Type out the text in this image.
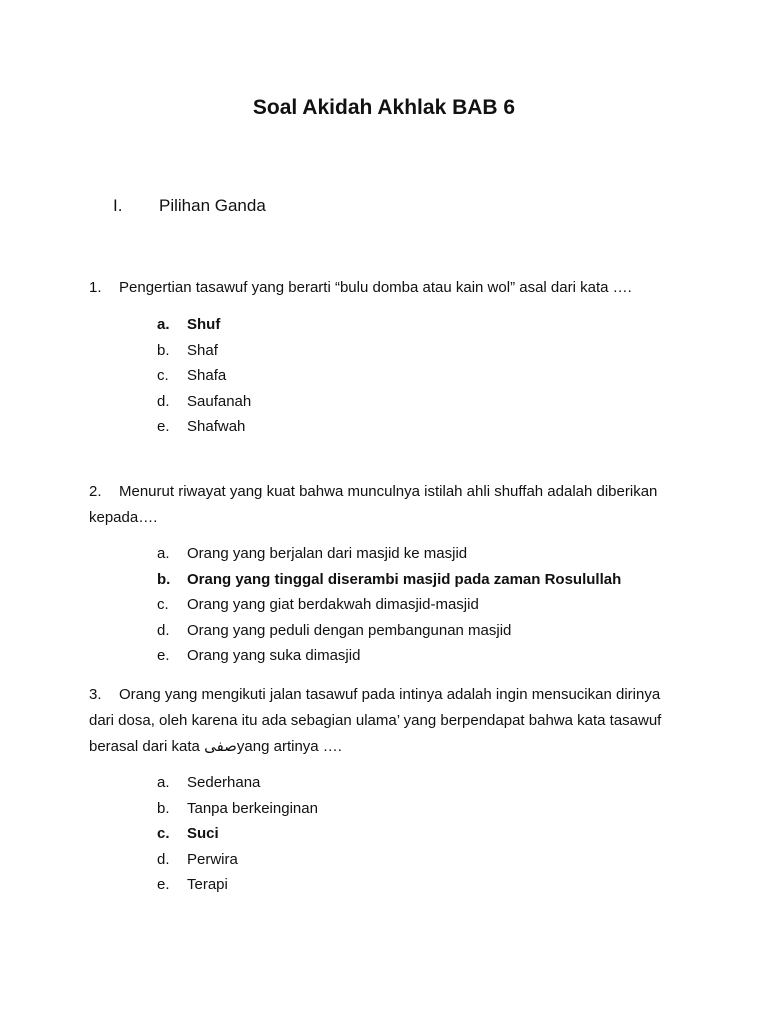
Soal Akidah Akhlak BAB 6
I. Pilihan Ganda
1. Pengertian tasawuf yang berarti “bulu domba atau kain wol” asal dari kata ….
a. Shuf
b. Shaf
c. Shafa
d. Saufanah
e. Shafwah
2. Menurut riwayat yang kuat bahwa munculnya istilah ahli shuffah adalah diberikan kepada….
a. Orang yang berjalan dari masjid ke masjid
b. Orang yang tinggal diserambi masjid pada zaman Rosulullah
c. Orang yang giat berdakwah dimasjid-masjid
d. Orang yang peduli dengan pembangunan masjid
e. Orang yang suka dimasjid
3. Orang yang mengikuti jalan tasawuf pada intinya adalah ingin mensucikan dirinya dari dosa, oleh karena itu ada sebagian ulama’ yang berpendapat bahwa kata tasawuf berasal dari kata صفىyang artinya ….
a. Sederhana
b. Tanpa berkeinginan
c. Suci
d. Perwira
e. Terapi
